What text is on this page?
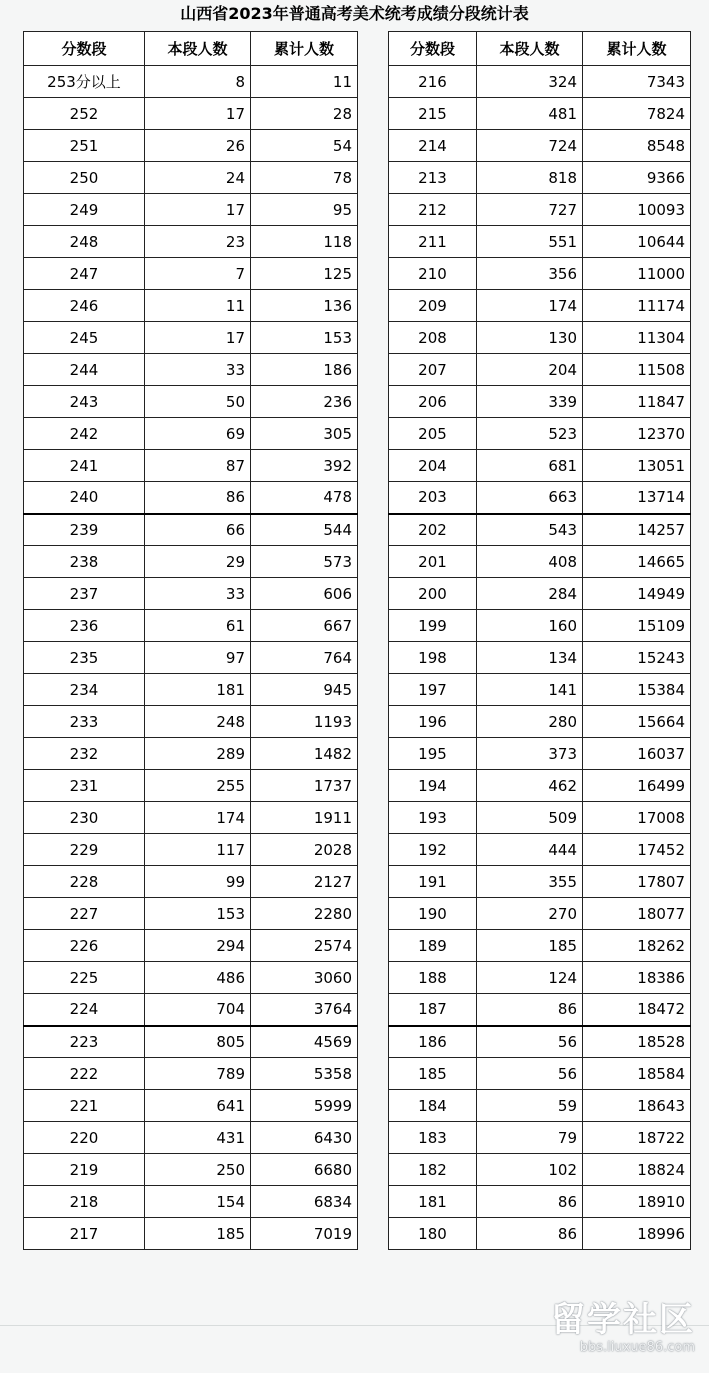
山西省2023年普通高考美术统考成绩分段统计表
分数段	本段人数	累计人数
253分以上	8	11
252	17	28
251	26	54
250	24	78
249	17	95
248	23	118
247	7	125
246	11	136
245	17	153
244	33	186
243	50	236
242	69	305
241	87	392
240	86	478
239	66	544
238	29	573
237	33	606
236	61	667
235	97	764
234	181	945
233	248	1193
232	289	1482
231	255	1737
230	174	1911
229	117	2028
228	99	2127
227	153	2280
226	294	2574
225	486	3060
224	704	3764
223	805	4569
222	789	5358
221	641	5999
220	431	6430
219	250	6680
218	154	6834
217	185	7019
分数段	本段人数	累计人数
216	324	7343
215	481	7824
214	724	8548
213	818	9366
212	727	10093
211	551	10644
210	356	11000
209	174	11174
208	130	11304
207	204	11508
206	339	11847
205	523	12370
204	681	13051
203	663	13714
202	543	14257
201	408	14665
200	284	14949
199	160	15109
198	134	15243
197	141	15384
196	280	15664
195	373	16037
194	462	16499
193	509	17008
192	444	17452
191	355	17807
190	270	18077
189	185	18262
188	124	18386
187	86	18472
186	56	18528
185	56	18584
184	59	18643
183	79	18722
182	102	18824
181	86	18910
180	86	18996
留学社区
bbs.liuxue86.com
